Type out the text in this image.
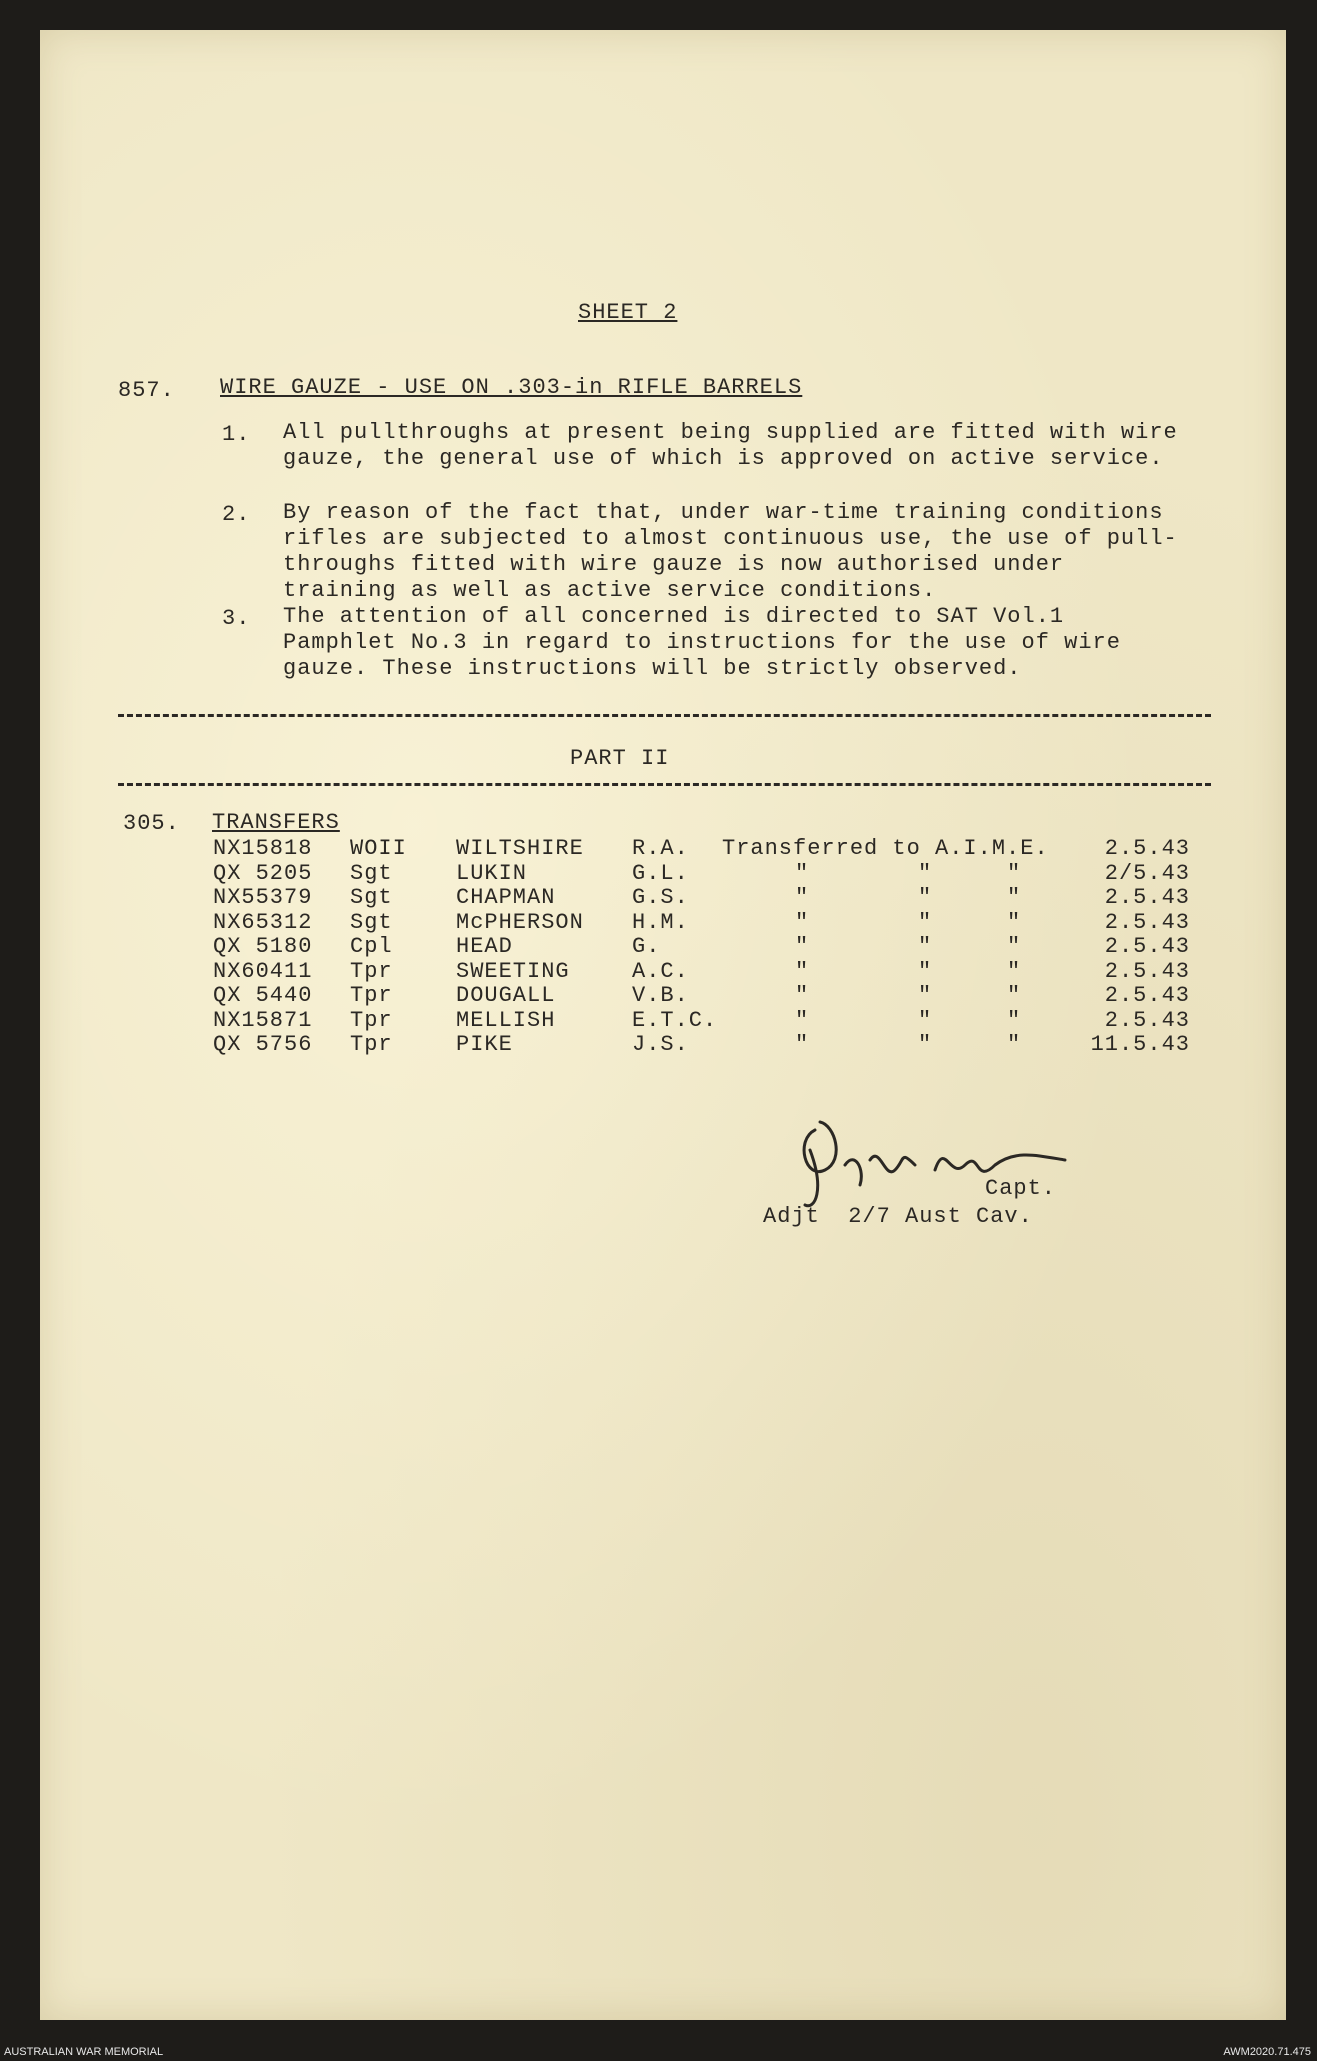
SHEET 2
857. WIRE GAUZE - USE ON .303-in RIFLE BARRELS
1. All pullthroughs at present being supplied are fitted with wire gauze, the general use of which is approved on active service.
2. By reason of the fact that, under war-time training conditions rifles are subjected to almost continuous use, the use of pull-throughs fitted with wire gauze is now authorised under training as well as active service conditions.
3. The attention of all concerned is directed to SAT Vol.1 Pamphlet No.3 in regard to instructions for the use of wire gauze. These instructions will be strictly observed.
PART II
305. TRANSFERS
NX15818 WOII WILTSHIRE R.A. Transferred to A.I.M.E.	2.5.43
QX 5205 Sgt	LUKIN	G.L.	"	"	"	2/5.43
NX55379 Sgt	CHAPMAN	G.S.	"	"	"	2.5.43
NX65312 Sgt	McPHERSON H.M.	"	"	"	2.5.43
QX 5180 Cpl	HEAD	G.	"	"	"	2.5.43
NX60411 Tpr	SWEETING	A.C.	"	"	"	2.5.43
QX 5440 Tpr	DOUGALL	V.B.	"	"	"	2.5.43
NX15871 Tpr	MELLISH	E.T.C.	"	"	"	2.5.43
QX 5756 Tpr	PIKE	J.S.	"	"	"	11.5.43
Capt.
Adjt  2/7 Aust Cav.
AUSTRALIAN WAR MEMORIAL	AWM2020.71.475
